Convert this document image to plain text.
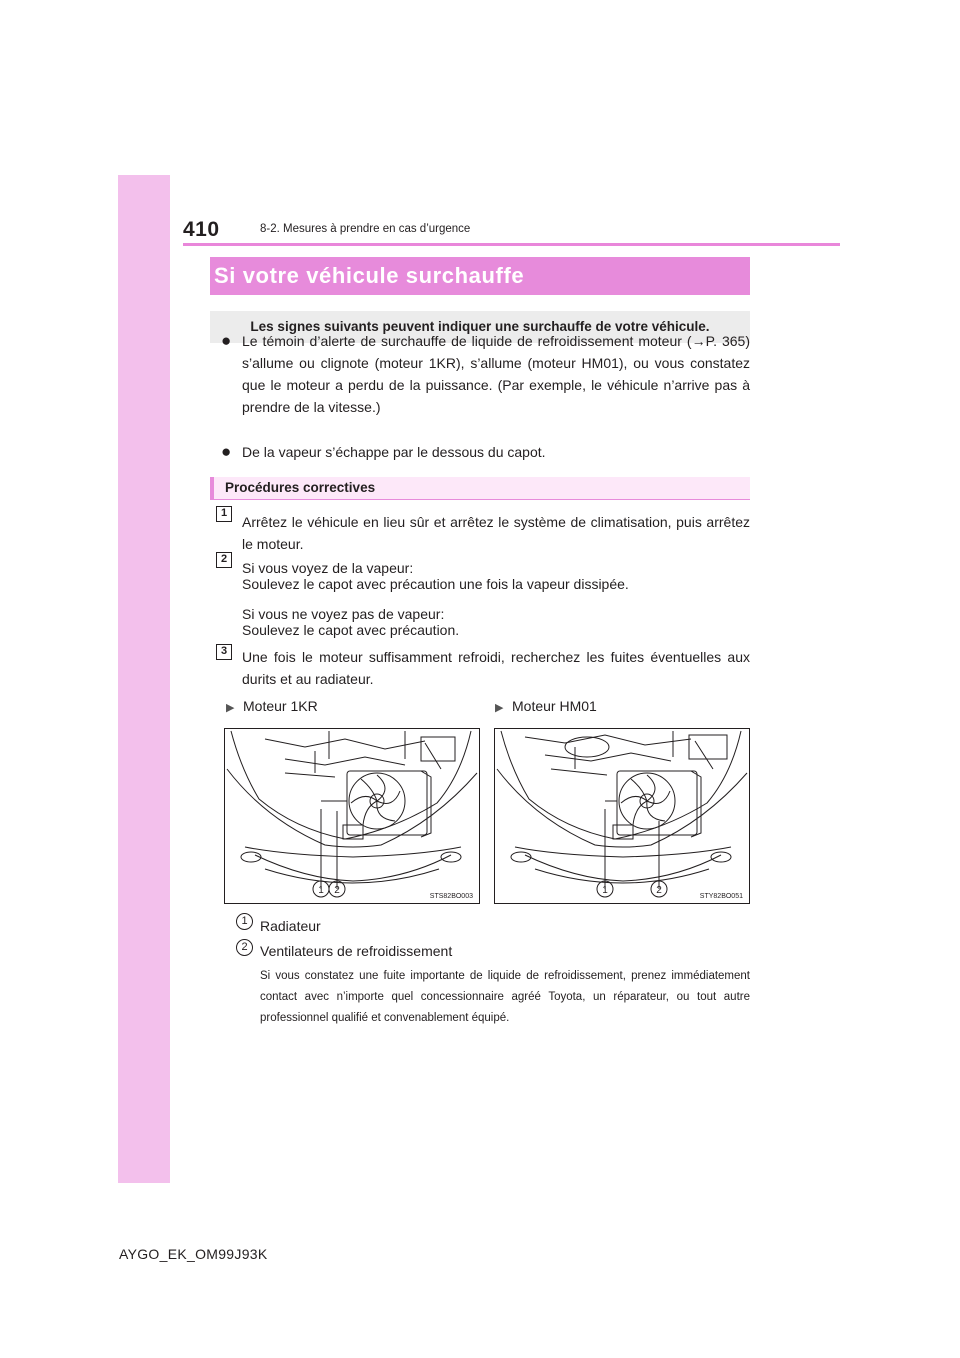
410	8-2. Mesures à prendre en cas d’urgence
Si votre véhicule surchauffe
Les signes suivants peuvent indiquer une surchauffe de votre véhicule.
● Le témoin d’alerte de surchauffe de liquide de refroidissement moteur (→P. 365) s’allume ou clignote (moteur 1KR), s’allume (moteur HM01), ou vous constatez que le moteur a perdu de la puissance. (Par exemple, le véhicule n’arrive pas à prendre de la vitesse.)
● De la vapeur s’échappe par le dessous du capot.
Procédures correctives
1
Arrêtez le véhicule en lieu sûr et arrêtez le système de climatisation, puis arrêtez le moteur.
2
Si vous voyez de la vapeur:
Soulevez le capot avec précaution une fois la vapeur dissipée.
Si vous ne voyez pas de vapeur:
Soulevez le capot avec précaution.
3	Une fois le moteur suffisamment refroidi, recherchez les fuites éventuelles aux durits et au radiateur.
▶ Moteur 1KR	▶ Moteur HM01
1 2
STS82BO003
1	2
STY82BO051
1 Radiateur
2 Ventilateurs de refroidissement
Si vous constatez une fuite importante de liquide de refroidissement, prenez immédiatement contact avec n’importe quel concessionnaire agréé Toyota, un réparateur, ou tout autre professionnel qualifié et convenablement équipé.
AYGO_EK_OM99J93K
